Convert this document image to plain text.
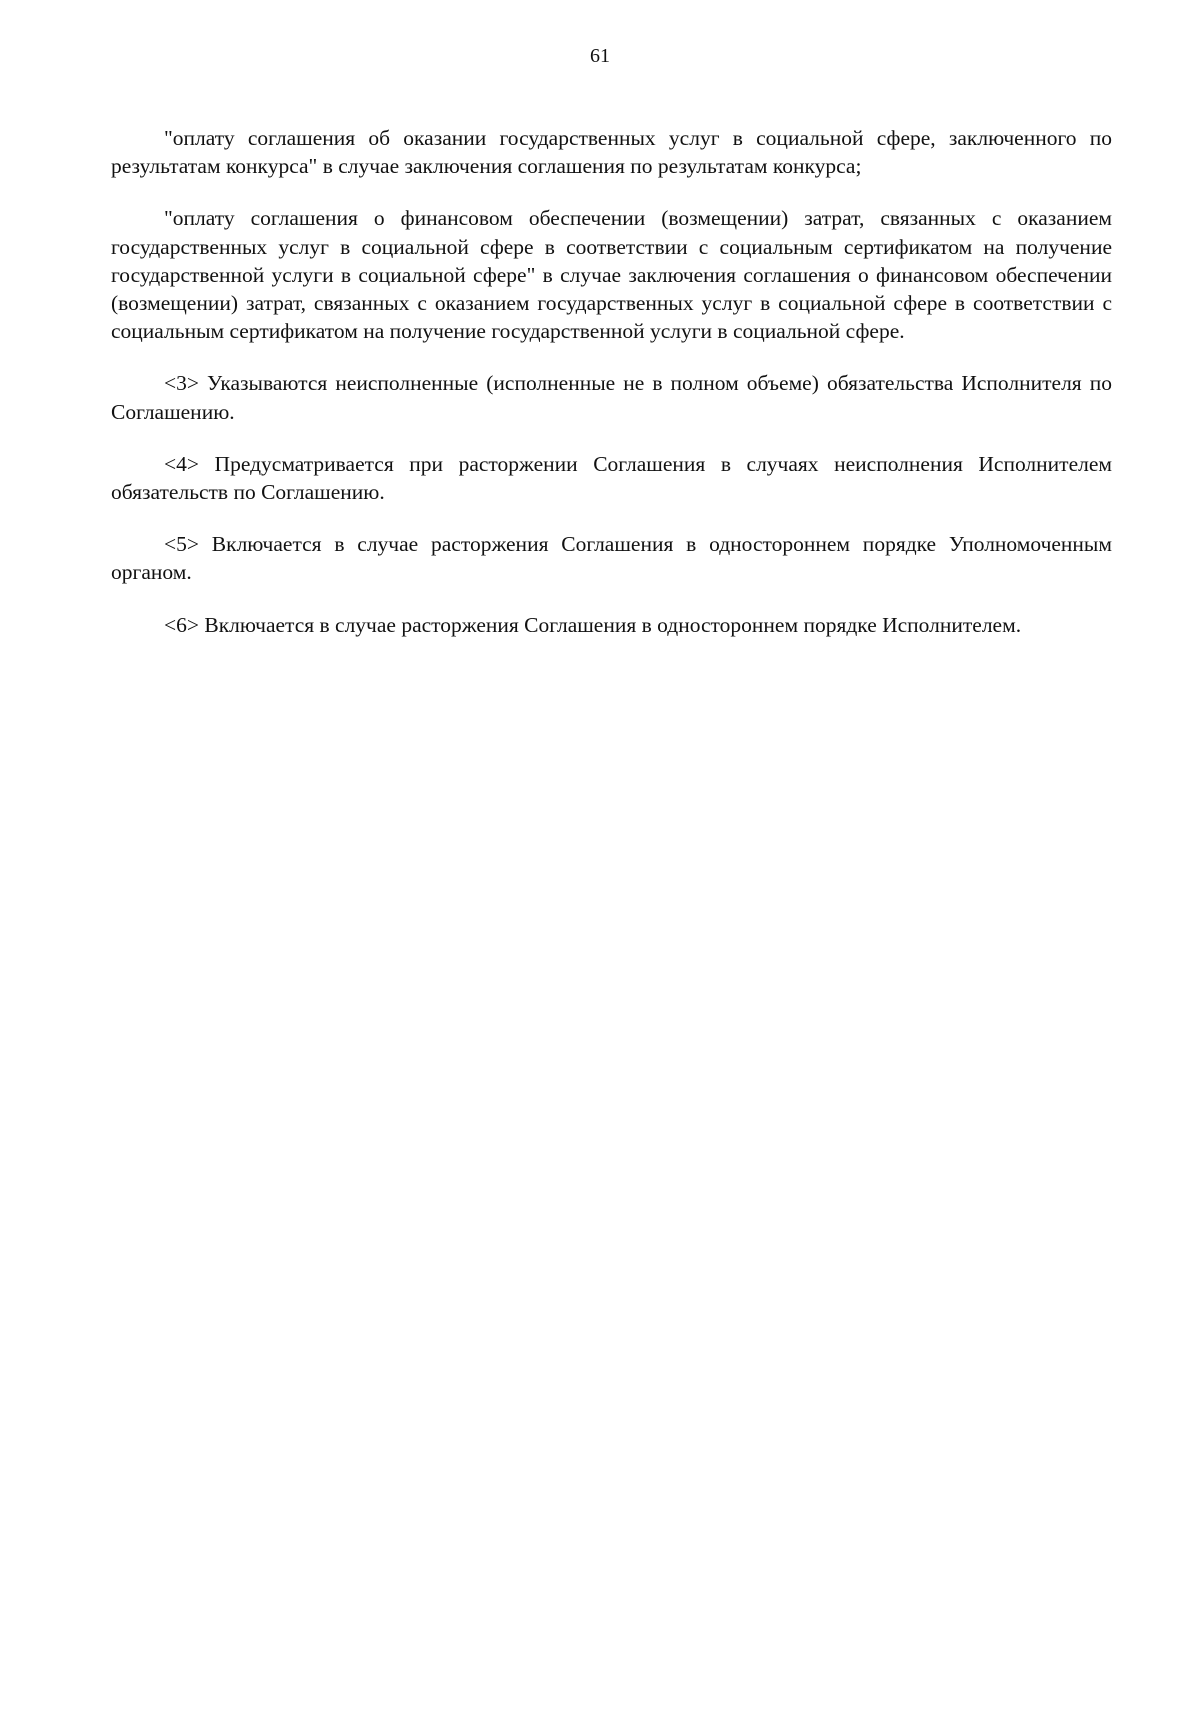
61

"оплату соглашения об оказании государственных услуг в социальной сфере, заключенного по результатам конкурса" в случае заключения соглашения по результатам конкурса;

"оплату соглашения о финансовом обеспечении (возмещении) затрат, связанных с оказанием государственных услуг в социальной сфере в соответствии с социальным сертификатом на получение государственной услуги в социальной сфере" в случае заключения соглашения о финансовом обеспечении (возмещении) затрат, связанных с оказанием государственных услуг в социальной сфере в соответствии с социальным сертификатом на получение государственной услуги в социальной сфере.

<3> Указываются неисполненные (исполненные не в полном объеме) обязательства Исполнителя по Соглашению.

<4> Предусматривается при расторжении Соглашения в случаях неисполнения Исполнителем обязательств по Соглашению.

<5> Включается в случае расторжения Соглашения в одностороннем порядке Уполномоченным органом.

<6> Включается в случае расторжения Соглашения в одностороннем порядке Исполнителем.
